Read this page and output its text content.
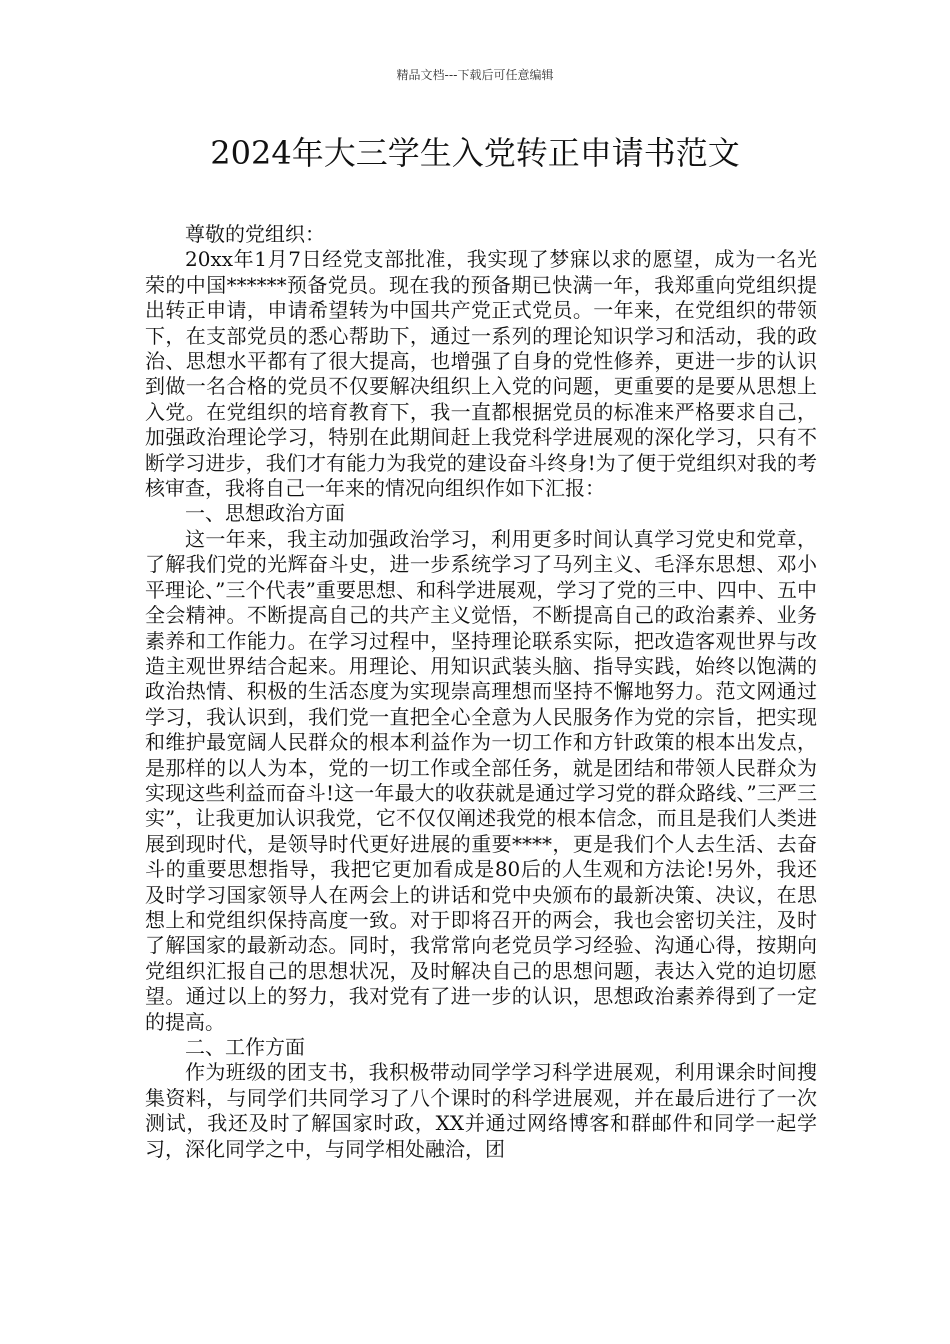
精品文档---下载后可任意编辑
2024年大三学生入党转正申请书范文

尊敬的党组织：

20xx年1月7日经党支部批准，我实现了梦寐以求的愿望，成为一名光荣的中国******预备党员。现在我的预备期已快满一年，我郑重向党组织提出转正申请，申请希望转为中国共产党正式党员。一年来，在党组织的带领下，在支部党员的悉心帮助下，通过一系列的理论知识学习和活动，我的政治、思想水平都有了很大提高，也增强了自身的党性修养，更进一步的认识到做一名合格的党员不仅要解决组织上入党的问题，更重要的是要从思想上入党。在党组织的培育教育下，我一直都根据党员的标准来严格要求自己，加强政治理论学习，特别在此期间赶上我党科学进展观的深化学习，只有不断学习进步，我们才有能力为我党的建设奋斗终身!为了便于党组织对我的考核审查，我将自己一年来的情况向组织作如下汇报：

一、思想政治方面

这一年来，我主动加强政治学习，利用更多时间认真学习党史和党章，了解我们党的光辉奋斗史，进一步系统学习了马列主义、毛泽东思想、邓小平理论、”三个代表”重要思想、和科学进展观，学习了党的三中、四中、五中全会精神。不断提高自己的共产主义觉悟，不断提高自己的政治素养、业务素养和工作能力。在学习过程中，坚持理论联系实际，把改造客观世界与改造主观世界结合起来。用理论、用知识武装头脑、指导实践，始终以饱满的政治热情、积极的生活态度为实现崇高理想而坚持不懈地努力。范文网通过学习，我认识到，我们党一直把全心全意为人民服务作为党的宗旨，把实现和维护最宽阔人民群众的根本利益作为一切工作和方针政策的根本出发点，是那样的以人为本，党的一切工作或全部任务，就是团结和带领人民群众为实现这些利益而奋斗!这一年最大的收获就是通过学习党的群众路线、”三严三实”，让我更加认识我党，它不仅仅阐述我党的根本信念，而且是我们人类进展到现时代，是领导时代更好进展的重要****，更是我们个人去生活、去奋斗的重要思想指导，我把它更加看成是80后的人生观和方法论!另外，我还及时学习国家领导人在两会上的讲话和党中央颁布的最新决策、决议，在思想上和党组织保持高度一致。对于即将召开的两会，我也会密切关注，及时了解国家的最新动态。同时，我常常向老党员学习经验、沟通心得，按期向党组织汇报自己的思想状况，及时解决自己的思想问题，表达入党的迫切愿望。通过以上的努力，我对党有了进一步的认识，思想政治素养得到了一定的提高。

二、工作方面

作为班级的团支书，我积极带动同学学习科学进展观，利用课余时间搜集资料，与同学们共同学习了八个课时的科学进展观，并在最后进行了一次测试，我还及时了解国家时政，XX并通过网络博客和群邮件和同学一起学习，深化同学之中，与同学相处融洽，团
